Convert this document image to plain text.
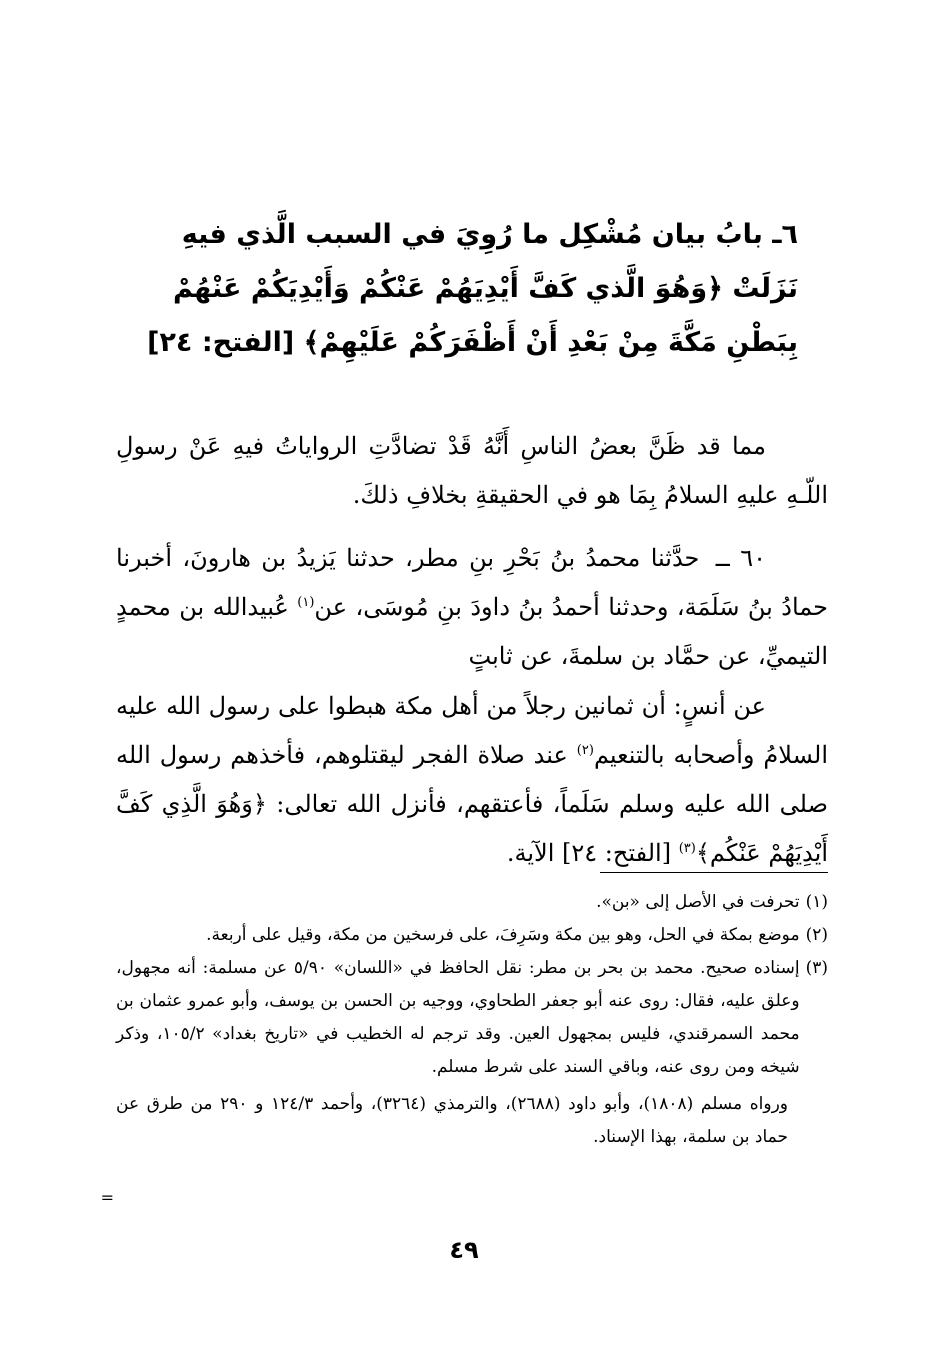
٦ـ بابُ بيان مُشْكِل ما رُوِيَ في السبب الَّذي فيهِ
نَزَلَتْ ﴿وَهُوَ الَّذي كَفَّ أَيْدِيَهُمْ عَنْكُمْ وَأَيْدِيَكُمْ عَنْهُمْ
بِبَطْنِ مَكَّةَ مِنْ بَعْدِ أَنْ أَظْفَرَكُمْ عَلَيْهِمْ﴾ [الفتح: ٢٤]

مما قد ظَنَّ بعضُ الناسِ أَنَّهُ قَدْ تضادَّتِ الرواياتُ فيهِ عَنْ رسولِ اللّـهِ عليهِ السلامُ بِمَا هو في الحقيقةِ بخلافِ ذلكَ.

٦٠ ــ حدَّثنا محمدُ بنُ بَحْرِ بنِ مطر، حدثنا يَزيدُ بن هارونَ، أخبرنا حمادُ بنُ سَلَمَة، وحدثنا أحمدُ بنُ داودَ بنِ مُوسَى، عن$^{(١)}$ عُبيدالله بن محمدٍ التيميِّ، عن حمَّاد بن سلمةَ، عن ثابتٍ

عن أنسٍ: أن ثمانين رجلاً من أهل مكة هبطوا على رسول الله عليه السلامُ وأصحابه بالتنعيم$^{(٢)}$ عند صلاة الفجر ليقتلوهم، فأخذهم رسول الله صلى الله عليه وسلم سَلَماً، فأعتقهم، فأنزل الله تعالى: ﴿وَهُوَ الَّذِي كَفَّ أَيْدِيَهُمْ عَنْكُم﴾$^{(٣)}$ [الفتح: ٢٤] الآية.

(١)
تحرفت في الأصل إلى «بن».
(٢)
موضع بمكة في الحل، وهو بين مكة وسَرِفَ، على فرسخين من مكة، وقيل على أربعة.
(٣)
إسناده صحيح. محمد بن بحر بن مطر: نقل الحافظ في «اللسان» ٥/٩٠ عن مسلمة: أنه مجهول، وعلق عليه، فقال: روى عنه أبو جعفر الطحاوي، ووجيه بن الحسن بن يوسف، وأبو عمرو عثمان بن محمد السمرقندي، فليس بمجهول العين. وقد ترجم له الخطيب في «تاريخ بغداد» ١٠٥/٢، وذكر شيخه ومن روى عنه، وباقي السند على شرط مسلم.
ورواه مسلم (١٨٠٨)، وأبو داود (٢٦٨٨)، والترمذي (٣٢٦٤)، وأحمد ١٢٤/٣ و ٢٩٠ من طرق عن حماد بن سلمة، بهذا الإسناد.
=
٤٩
